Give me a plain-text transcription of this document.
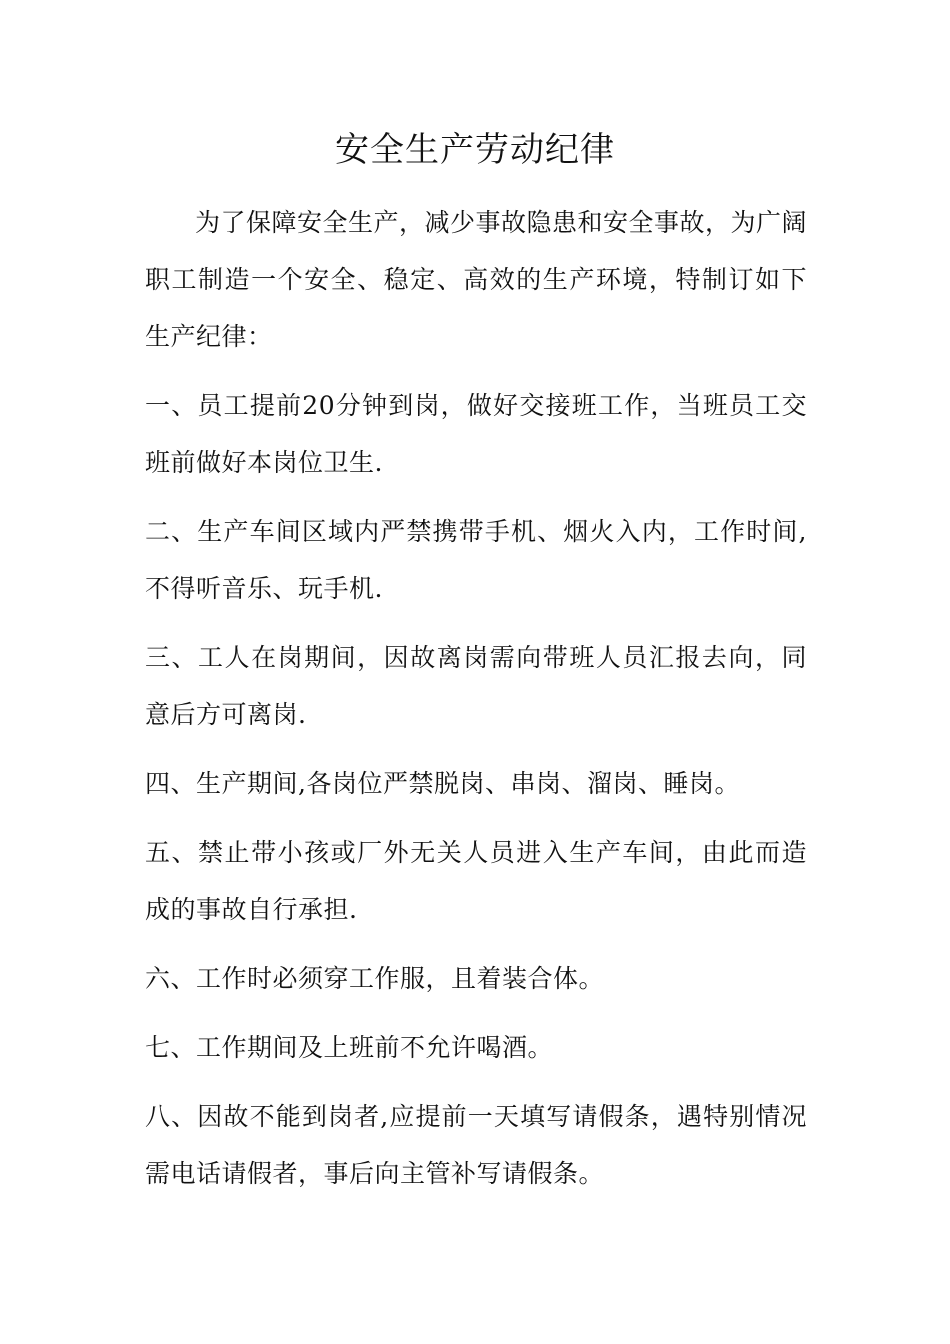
安全生产劳动纪律

为了保障安全生产，减少事故隐患和安全事故，为广阔职工制造一个安全、稳定、高效的生产环境，特制订如下生产纪律：

一、员工提前20分钟到岗，做好交接班工作，当班员工交班前做好本岗位卫生.

二、生产车间区域内严禁携带手机、烟火入内，工作时间,不得听音乐、玩手机.

三、工人在岗期间，因故离岗需向带班人员汇报去向，同意后方可离岗.

四、生产期间,各岗位严禁脱岗、串岗、溜岗、睡岗。

五、禁止带小孩或厂外无关人员进入生产车间，由此而造成的事故自行承担.

六、工作时必须穿工作服，且着装合体。

七、工作期间及上班前不允许喝酒。

八、因故不能到岗者,应提前一天填写请假条，遇特别情况需电话请假者，事后向主管补写请假条。
